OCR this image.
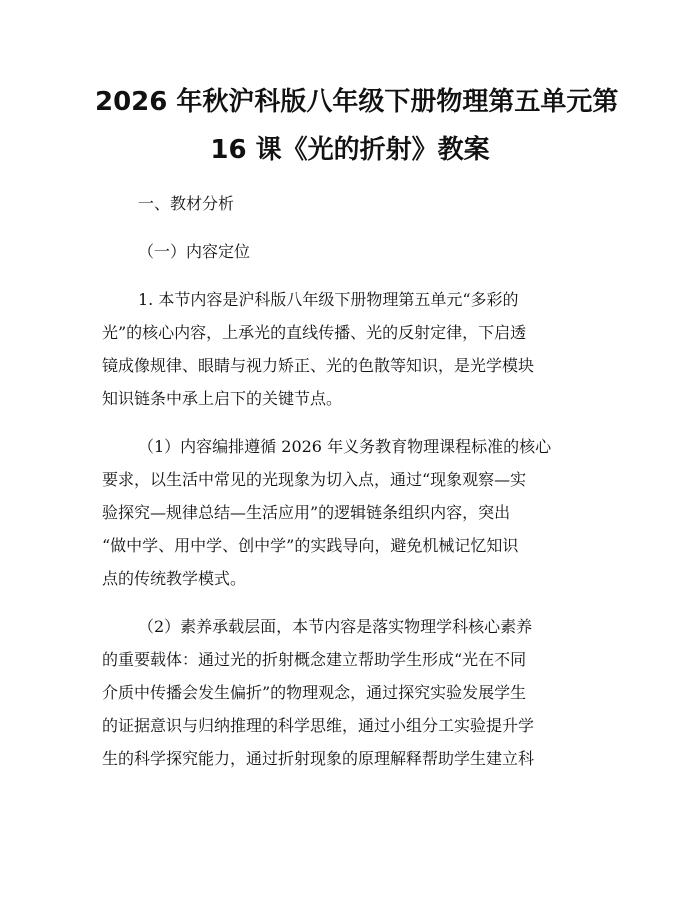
2026 年秋沪科版八年级下册物理第五单元第
16 课《光的折射》教案

一、教材分析

（一）内容定位

1. 本节内容是沪科版八年级下册物理第五单元“多彩的

光”的核心内容，上承光的直线传播、光的反射定律，下启透

镜成像规律、眼睛与视力矫正、光的色散等知识，是光学模块

知识链条中承上启下的关键节点。

（1）内容编排遵循 2026 年义务教育物理课程标准的核心

要求，以生活中常见的光现象为切入点，通过“现象观察—实

验探究—规律总结—生活应用”的逻辑链条组织内容，突出

“做中学、用中学、创中学”的实践导向，避免机械记忆知识

点的传统教学模式。

（2）素养承载层面，本节内容是落实物理学科核心素养

的重要载体：通过光的折射概念建立帮助学生形成“光在不同

介质中传播会发生偏折”的物理观念，通过探究实验发展学生

的证据意识与归纳推理的科学思维，通过小组分工实验提升学

生的科学探究能力，通过折射现象的原理解释帮助学生建立科
